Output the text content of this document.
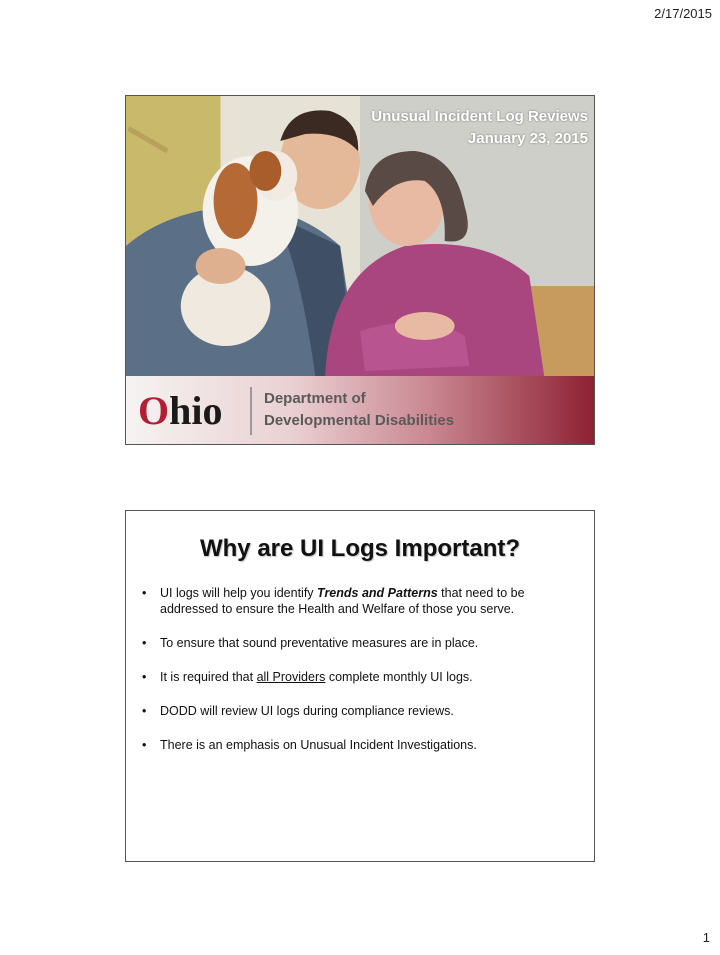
2/17/2015
Unusual Incident Log Reviews
January 23, 2015
Ohio	Department of
Developmental Disabilities
Why are UI Logs Important?
• UI logs will help you identify Trends and Patterns that need to be addressed to ensure the Health and Welfare of those you serve.
• To ensure that sound preventative measures are in place.
• It is required that all Providers complete monthly UI logs.
• DODD will review UI logs during compliance reviews.
• There is an emphasis on Unusual Incident Investigations.
1
